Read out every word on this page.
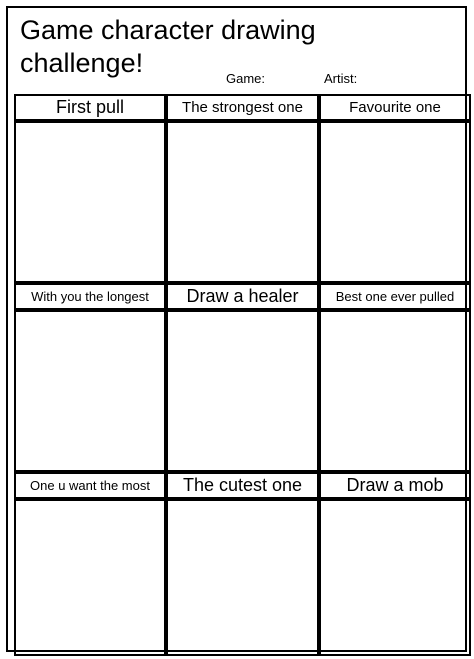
Game character drawing
challenge!
Game:	Artist:
First pull	The strongest one	Favourite one
With you the longest	Draw a healer	Best one ever pulled
One u want the most	The cutest one	Draw a mob
